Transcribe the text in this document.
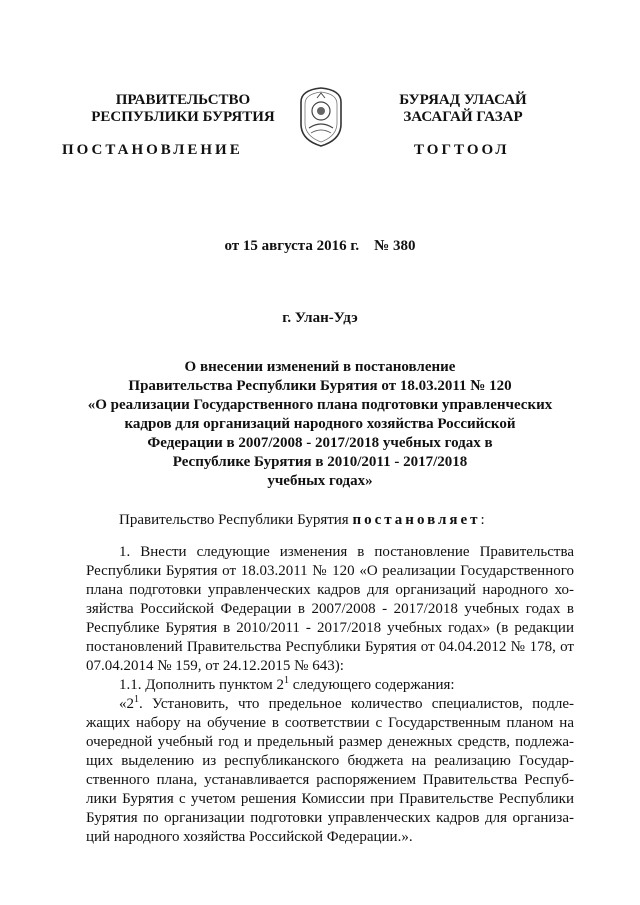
ПРАВИТЕЛЬСТВО
РЕСПУБЛИКИ БУРЯТИЯ
БУРЯАД УЛАСАЙ
ЗАСАГАЙ ГАЗАР
ПОСТАНОВЛЕНИЕ	ТОГТООЛ
от 15 августа 2016 г.    № 380
г. Улан-Удэ
О внесении изменений в постановление
Правительства Республики Бурятия от 18.03.2011 № 120
«О реализации Государственного плана подготовки управленческих
кадров для организаций народного хозяйства Российской
Федерации в 2007/2008 - 2017/2018 учебных годах в
Республике Бурятия в 2010/2011 - 2017/2018
учебных годах»
Правительство Республики Бурятия постановляет:
1. Внести следующие изменения в постановление Правительства
Республики Бурятия от 18.03.2011 № 120 «О реализации Государственного
плана подготовки управленческих кадров для организаций народного хо-
зяйства Российской Федерации в 2007/2008 - 2017/2018 учебных годах в
Республике Бурятия в 2010/2011 - 2017/2018 учебных годах» (в редакции
постановлений Правительства Республики Бурятия от 04.04.2012 № 178, от
07.04.2014 № 159, от 24.12.2015 № 643):
1.1. Дополнить пунктом $2^1$ следующего содержания:
«$2^1$. Установить, что предельное количество специалистов, подле-
жащих набору на обучение в соответствии с Государственным планом на
очередной учебный год и предельный размер денежных средств, подлежа-
щих выделению из республиканского бюджета на реализацию Государ-
ственного плана, устанавливается распоряжением Правительства Респуб-
лики Бурятия с учетом решения Комиссии при Правительстве Республики
Бурятия по организации подготовки управленческих кадров для организа-
ций народного хозяйства Российской Федерации.».
